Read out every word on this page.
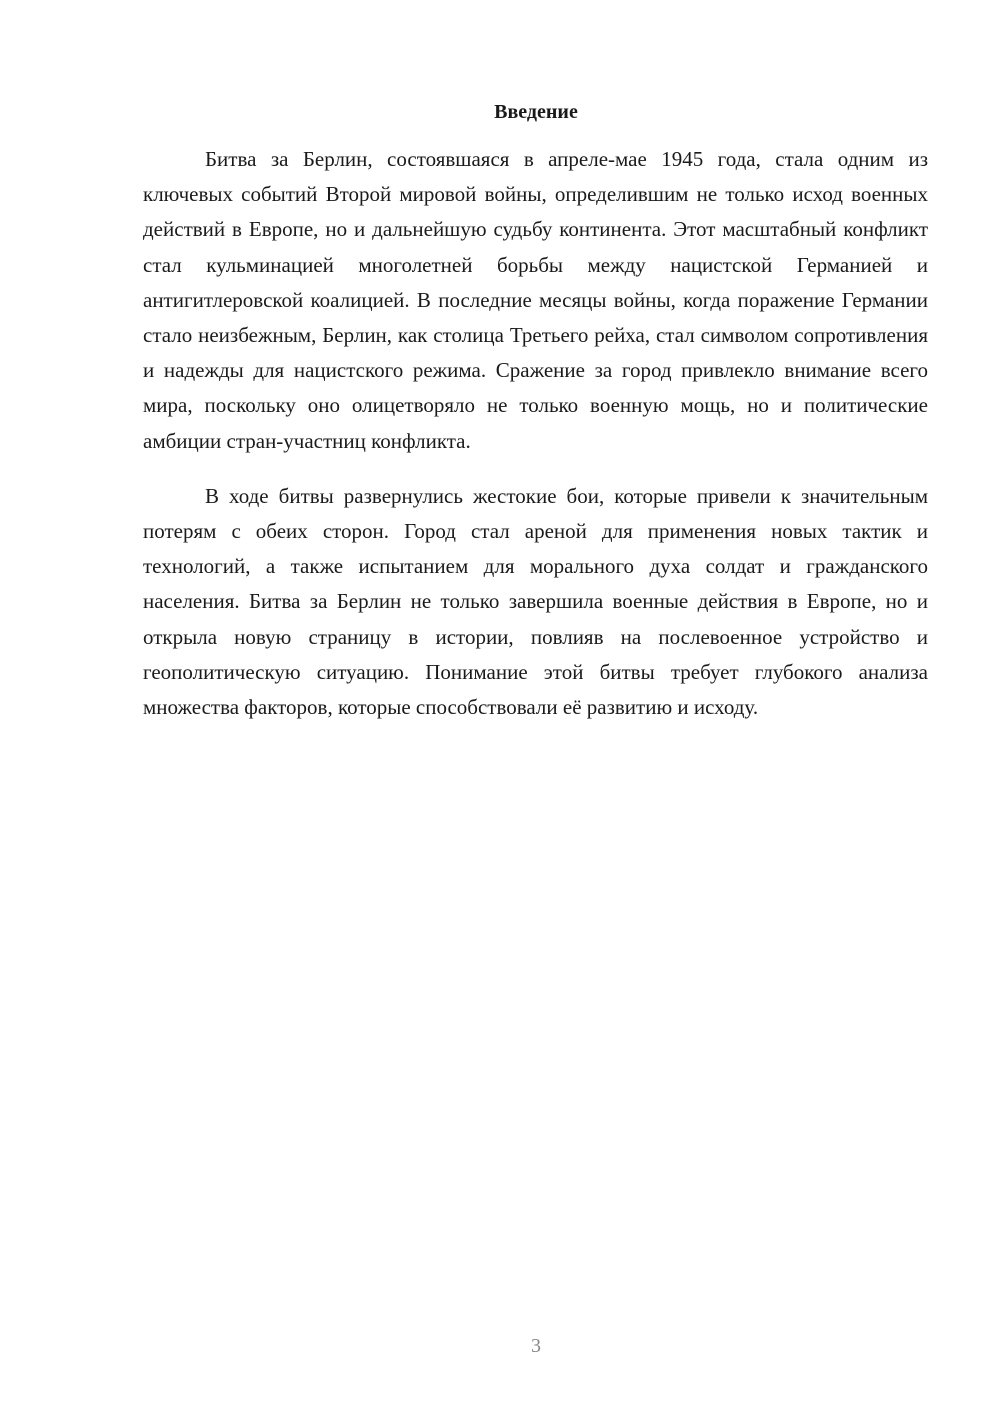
Введение

Битва за Берлин, состоявшаяся в апреле-мае 1945 года, стала одним из ключевых событий Второй мировой войны, определившим не только исход военных действий в Европе, но и дальнейшую судьбу континента. Этот масштабный конфликт стал кульминацией многолетней борьбы между нацистской Германией и антигитлеровской коалицией. В последние месяцы войны, когда поражение Германии стало неизбежным, Берлин, как столица Третьего рейха, стал символом сопротивления и надежды для нацистского режима. Сражение за город привлекло внимание всего мира, поскольку оно олицетворяло не только военную мощь, но и политические амбиции стран-участниц конфликта.

В ходе битвы развернулись жестокие бои, которые привели к значительным потерям с обеих сторон. Город стал ареной для применения новых тактик и технологий, а также испытанием для морального духа солдат и гражданского населения. Битва за Берлин не только завершила военные действия в Европе, но и открыла новую страницу в истории, повлияв на послевоенное устройство и геополитическую ситуацию. Понимание этой битвы требует глубокого анализа множества факторов, которые способствовали её развитию и исходу.

3
